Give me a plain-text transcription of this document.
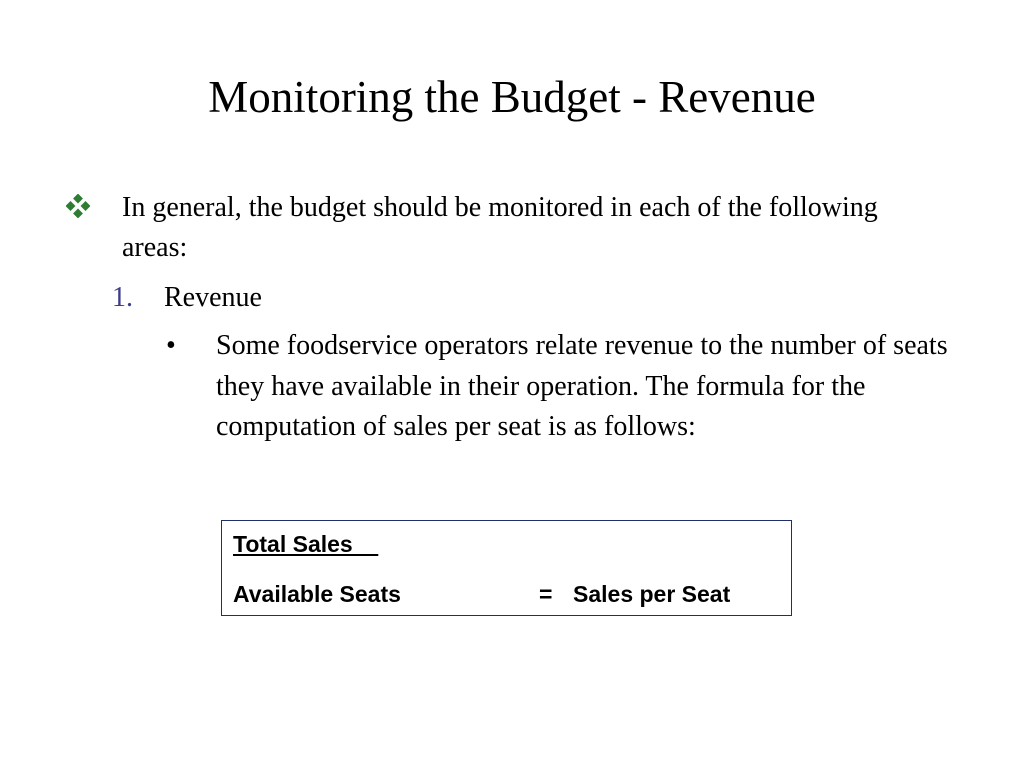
Monitoring the Budget - Revenue
In general, the budget should be monitored in each of the following areas:
1.	Revenue
• Some foodservice operators relate revenue to the number of seats they have available in their operation. The formula for the computation of sales per seat is as follows:
Total Sales
Available Seats	= Sales per Seat
